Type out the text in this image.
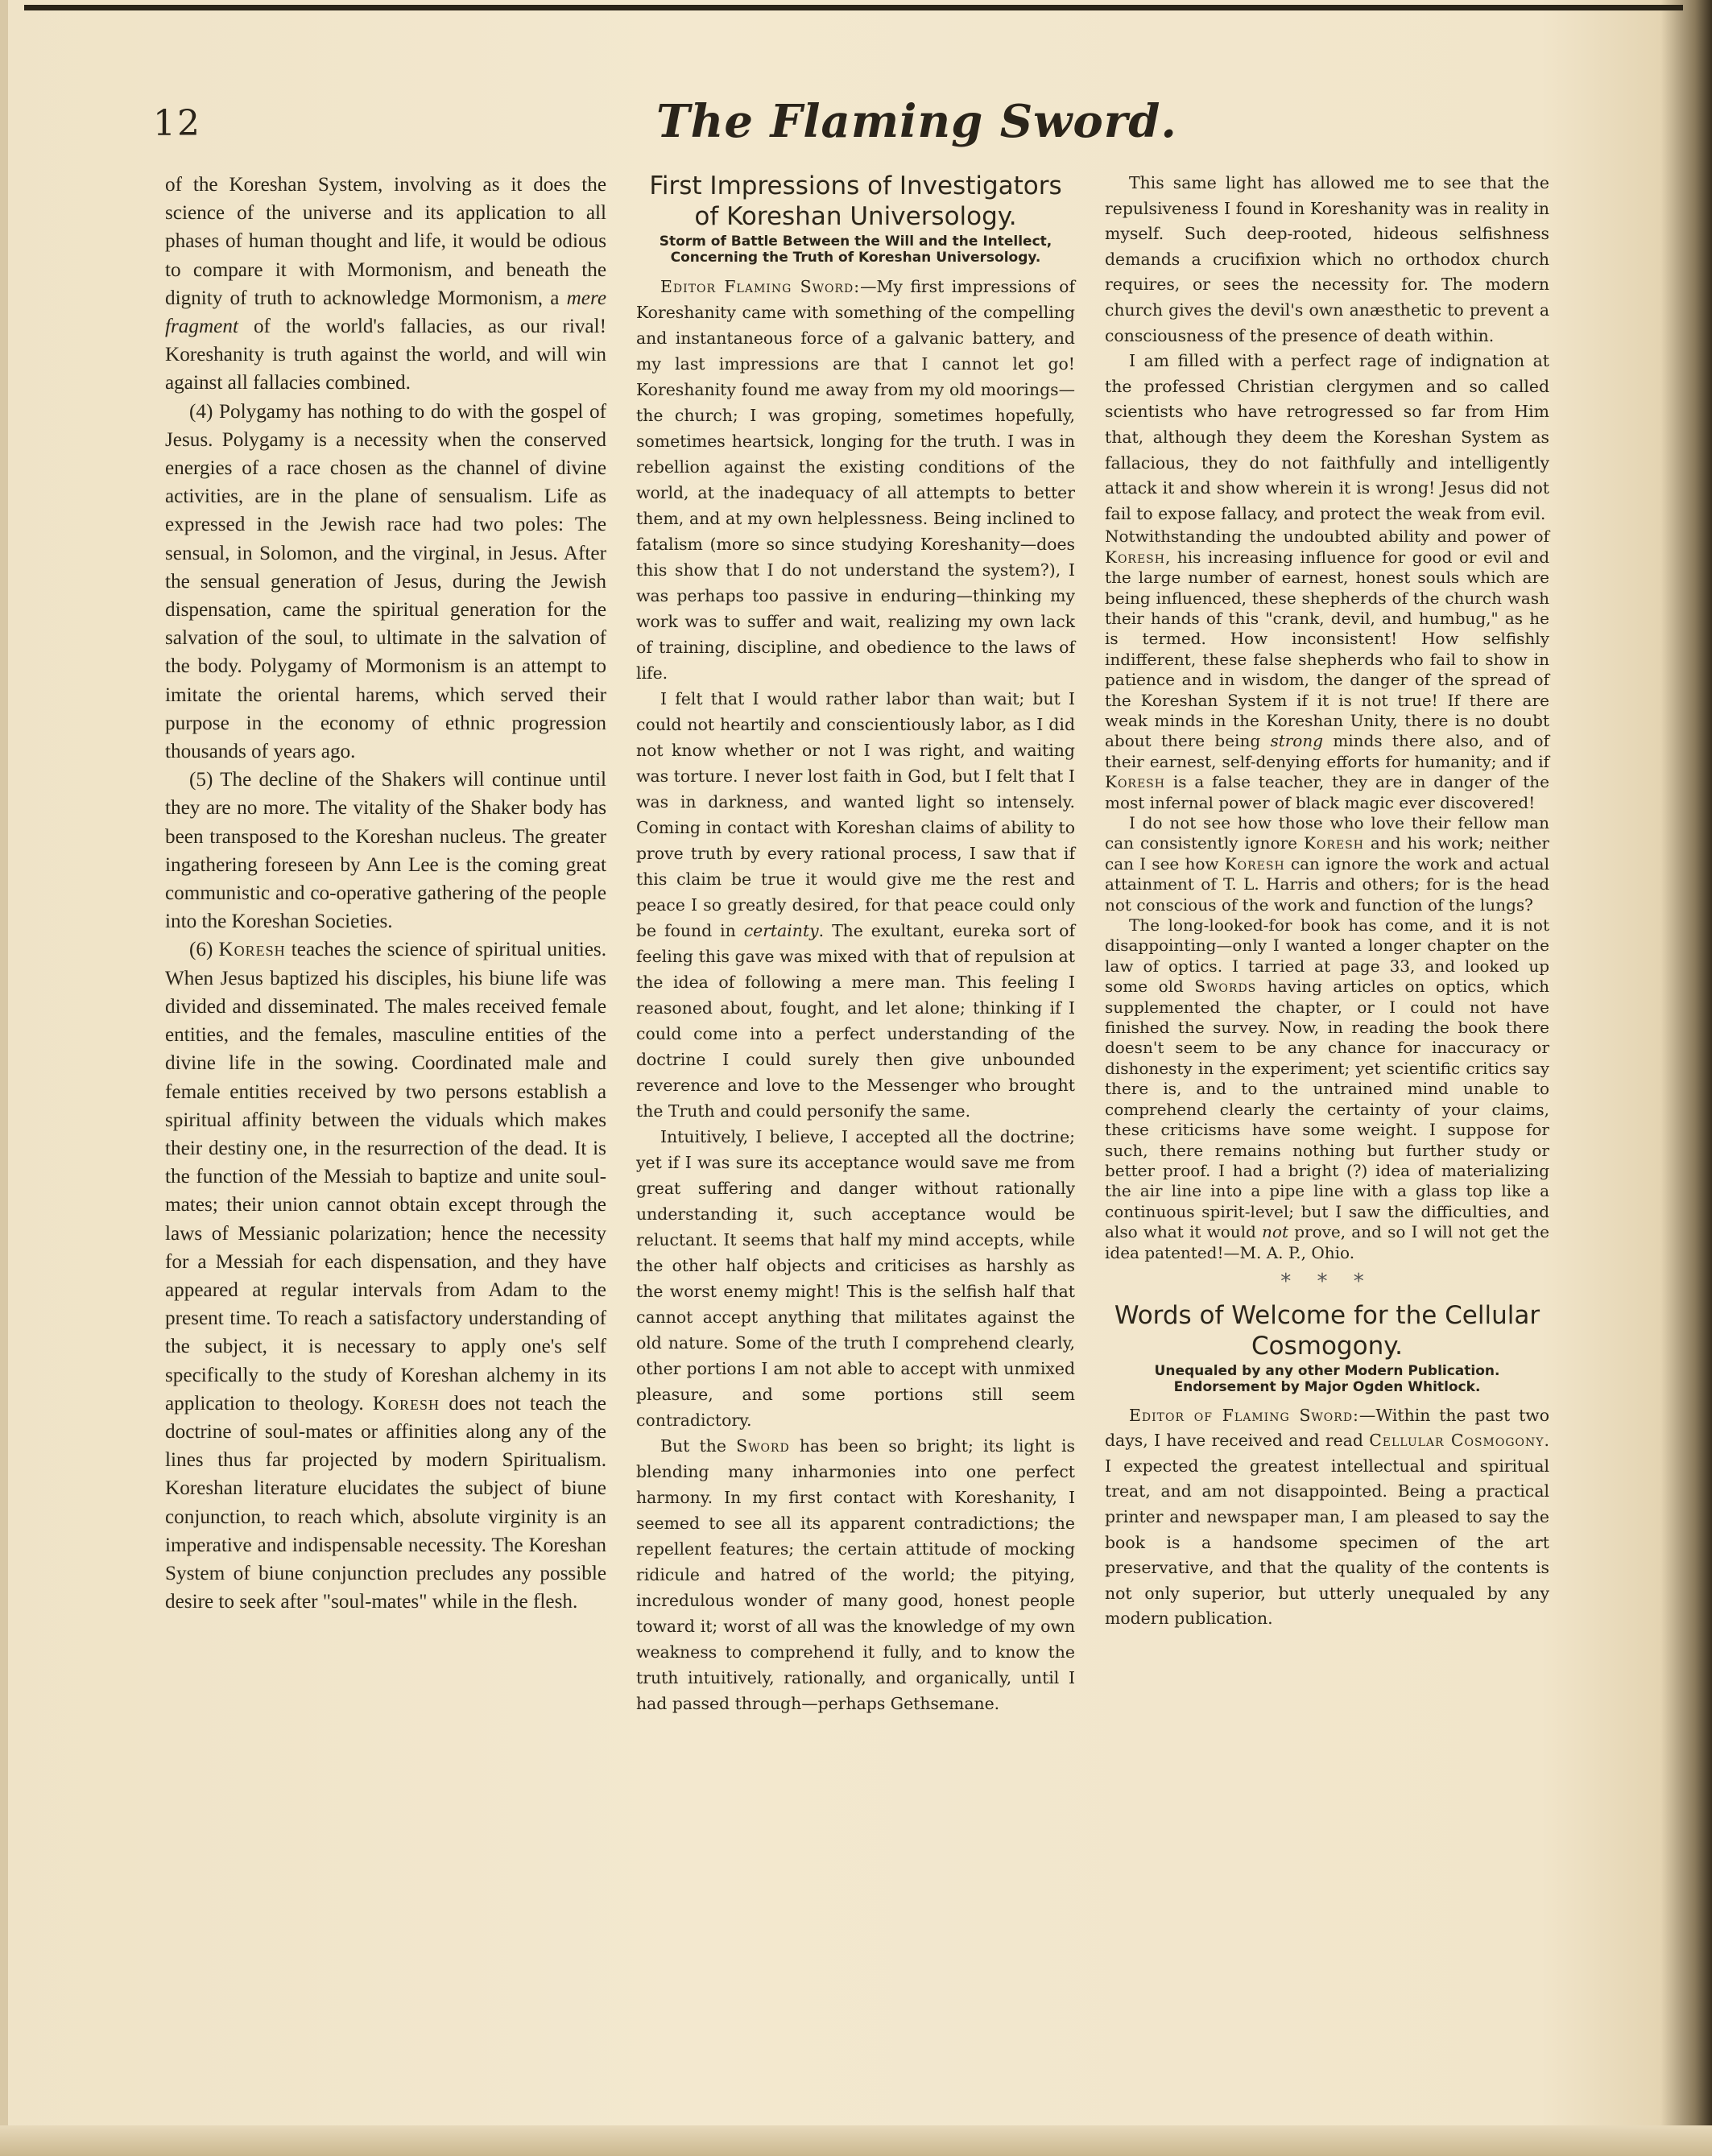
12	The Flaming Sword.

of the Koreshan System, involving as it does the science of the universe and its application to all phases of human thought and life, it would be odious to compare it with Mormonism, and beneath the dignity of truth to acknowledge Mormonism, a mere fragment of the world's fallacies, as our rival! Koreshanity is truth against the world, and will win against all fallacies combined.

(4) Polygamy has nothing to do with the gospel of Jesus. Polygamy is a necessity when the conserved energies of a race chosen as the channel of divine activities, are in the plane of sensualism. Life as expressed in the Jewish race had two poles: The sensual, in Solomon, and the virginal, in Jesus. After the sensual generation of Jesus, during the Jewish dispensation, came the spiritual generation for the salvation of the soul, to ultimate in the salvation of the body. Polygamy of Mormonism is an attempt to imitate the oriental harems, which served their purpose in the economy of ethnic progression thousands of years ago.

(5) The decline of the Shakers will continue until they are no more. The vitality of the Shaker body has been transposed to the Koreshan nucleus. The greater ingathering foreseen by Ann Lee is the coming great communistic and co-operative gathering of the people into the Koreshan Societies.

(6) Koresh teaches the science of spiritual unities. When Jesus baptized his disciples, his biune life was divided and disseminated. The males received female entities, and the females, masculine entities of the divine life in the sowing. Coordinated male and female entities received by two persons establish a spiritual affinity between the viduals which makes their destiny one, in the resurrection of the dead. It is the function of the Messiah to baptize and unite soul-mates; their union cannot obtain except through the laws of Messianic polarization; hence the necessity for a Messiah for each dispensation, and they have appeared at regular intervals from Adam to the present time. To reach a satisfactory understanding of the subject, it is necessary to apply one's self specifically to the study of Koreshan alchemy in its application to theology. Koresh does not teach the doctrine of soul-mates or affinities along any of the lines thus far projected by modern Spiritualism. Koreshan literature elucidates the subject of biune conjunction, to reach which, absolute virginity is an imperative and indispensable necessity. The Koreshan System of biune conjunction precludes any possible desire to seek after "soul-mates" while in the flesh.

First Impressions of Investigators of Koreshan Universology.
Storm of Battle Between the Will and the Intellect, Concerning the Truth of Koreshan Universology.

Editor Flaming Sword:—My first impressions of Koreshanity came with something of the compelling and instantaneous force of a galvanic battery, and my last impressions are that I cannot let go! Koreshanity found me away from my old moorings—the church; I was groping, sometimes hopefully, sometimes heartsick, longing for the truth. I was in rebellion against the existing conditions of the world, at the inadequacy of all attempts to better them, and at my own helplessness. Being inclined to fatalism (more so since studying Koreshanity—does this show that I do not understand the system?), I was perhaps too passive in enduring—thinking my work was to suffer and wait, realizing my own lack of training, discipline, and obedience to the laws of life.

I felt that I would rather labor than wait; but I could not heartily and conscientiously labor, as I did not know whether or not I was right, and waiting was torture. I never lost faith in God, but I felt that I was in darkness, and wanted light so intensely. Coming in contact with Koreshan claims of ability to prove truth by every rational process, I saw that if this claim be true it would give me the rest and peace I so greatly desired, for that peace could only be found in certainty. The exultant, eureka sort of feeling this gave was mixed with that of repulsion at the idea of following a mere man. This feeling I reasoned about, fought, and let alone; thinking if I could come into a perfect understanding of the doctrine I could surely then give unbounded reverence and love to the Messenger who brought the Truth and could personify the same.

Intuitively, I believe, I accepted all the doctrine; yet if I was sure its acceptance would save me from great suffering and danger without rationally understanding it, such acceptance would be reluctant. It seems that half my mind accepts, while the other half objects and criticises as harshly as the worst enemy might! This is the selfish half that cannot accept anything that militates against the old nature. Some of the truth I comprehend clearly, other portions I am not able to accept with unmixed pleasure, and some portions still seem contradictory.

But the Sword has been so bright; its light is blending many inharmonies into one perfect harmony. In my first contact with Koreshanity, I seemed to see all its apparent contradictions; the repellent features; the certain attitude of mocking ridicule and hatred of the world; the pitying, incredulous wonder of many good, honest people toward it; worst of all was the knowledge of my own weakness to comprehend it fully, and to know the truth intuitively, rationally, and organically, until I had passed through—perhaps Gethsemane.

This same light has allowed me to see that the repulsiveness I found in Koreshanity was in reality in myself. Such deep-rooted, hideous selfishness demands a crucifixion which no orthodox church requires, or sees the necessity for. The modern church gives the devil's own anæsthetic to prevent a consciousness of the presence of death within.

I am filled with a perfect rage of indignation at the professed Christian clergymen and so called scientists who have retrogressed so far from Him that, although they deem the Koreshan System as fallacious, they do not faithfully and intelligently attack it and show wherein it is wrong! Jesus did not fail to expose fallacy, and protect the weak from evil.

Notwithstanding the undoubted ability and power of Koresh, his increasing influence for good or evil and the large number of earnest, honest souls which are being influenced, these shepherds of the church wash their hands of this "crank, devil, and humbug," as he is termed. How inconsistent! How selfishly indifferent, these false shepherds who fail to show in patience and in wisdom, the danger of the spread of the Koreshan System if it is not true! If there are weak minds in the Koreshan Unity, there is no doubt about there being strong minds there also, and of their earnest, self-denying efforts for humanity; and if Koresh is a false teacher, they are in danger of the most infernal power of black magic ever discovered!

I do not see how those who love their fellow man can consistently ignore Koresh and his work; neither can I see how Koresh can ignore the work and actual attainment of T. L. Harris and others; for is the head not conscious of the work and function of the lungs?

The long-looked-for book has come, and it is not disappointing—only I wanted a longer chapter on the law of optics. I tarried at page 33, and looked up some old Swords having articles on optics, which supplemented the chapter, or I could not have finished the survey. Now, in reading the book there doesn't seem to be any chance for inaccuracy or dishonesty in the experiment; yet scientific critics say there is, and to the untrained mind unable to comprehend clearly the certainty of your claims, these criticisms have some weight. I suppose for such, there remains nothing but further study or better proof. I had a bright (?) idea of materializing the air line into a pipe line with a glass top like a continuous spirit-level; but I saw the difficulties, and also what it would not prove, and so I will not get the idea patented!—M. A. P., Ohio.

* * *
Words of Welcome for the Cellular Cosmogony.
Unequaled by any other Modern Publication. Endorsement by Major Ogden Whitlock.

Editor of Flaming Sword:—Within the past two days, I have received and read Cellular Cosmogony. I expected the greatest intellectual and spiritual treat, and am not disappointed. Being a practical printer and newspaper man, I am pleased to say the book is a handsome specimen of the art preservative, and that the quality of the contents is not only superior, but utterly unequaled by any modern publication.
